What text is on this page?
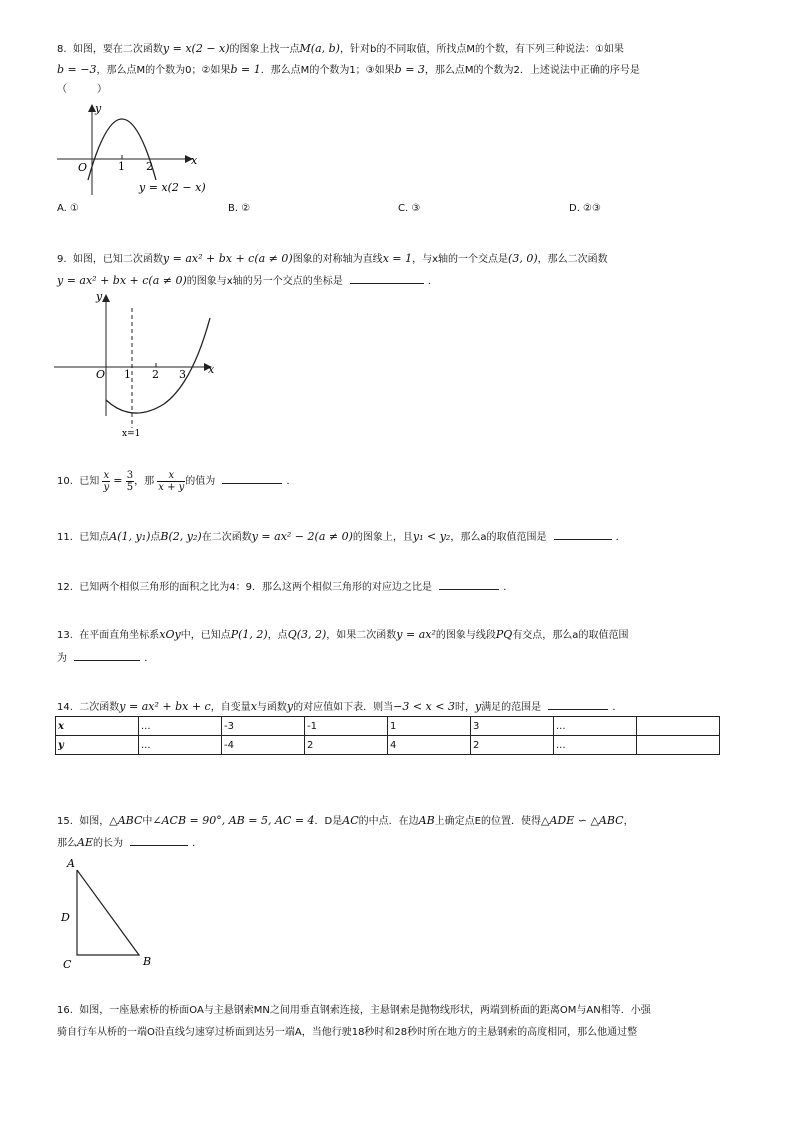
8. 如图，要在二次函数y = x(2 − x)的图象上找一点M(a, b)，针对b的不同取值，所找点M的个数，有下列三种说法：①如果
b = −3，那么点M的个数为0；②如果b = 1．那么点M的个数为1；③如果b = 3，那么点M的个数为2．上述说法中正确的序号是
（　　　）
x
y
O	1 2
y = x(2 − x)
A. ①	B. ②	C. ③	D. ②③
9. 如图，已知二次函数y = ax² + bx + c(a ≠ 0)图象的对称轴为直线x = 1，与x轴的一个交点是(3, 0)，那么二次函数
y = ax² + bx + c(a ≠ 0)的图象与x轴的另一个交点的坐标是	．
x
y
O 1 2 3
x=1
10. 已知 $\frac{x}{y} = \frac{3}{5}$ ，那 $\frac{x}{x + y}$ 的值为	．
11. 已知点A(1, y₁)点B(2, y₂)在二次函数y = ax² − 2(a ≠ 0)的图象上，且y₁ < y₂，那么a的取值范围是	．
12. 已知两个相似三角形的面积之比为4：9．那么这两个相似三角形的对应边之比是	．
13. 在平面直角坐标系xOy中，已知点P(1, 2)，点Q(3, 2)，如果二次函数y = ax²的图象与线段PQ有交点，那么a的取值范围
为	．
14. 二次函数y = ax² + bx + c，自变量x与函数y的对应值如下表．则当−3 < x < 3时，y满足的范围是	．
x	...	-3	-1	1	3	...	
y	...	-4	2	4	2	...	
15. 如图，△ABC中∠ACB = 90°, AB = 5, AC = 4．D是AC的中点．在边AB上确定点E的位置．使得△ADE ∽ △ABC，
那么AE的长为	．
A
D
C	B
16. 如图，一座悬索桥的桥面OA与主悬钢索MN之间用垂直钢索连接，主悬钢索是抛物线形状，两端到桥面的距离OM与AN相等．小强
骑自行车从桥的一端O沿直线匀速穿过桥面到达另一端A，当他行驶18秒时和28秒时所在地方的主悬钢索的高度相同，那么他通过整
